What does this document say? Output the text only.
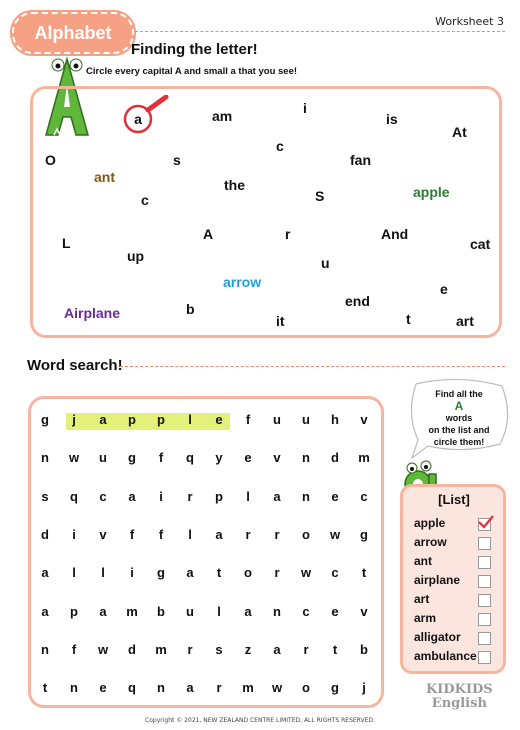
Alphabet
Worksheet 3
Finding the letter!
Circle every capital A and small a that you see!
a
i
am	is
At
c
O	s	fan
ant	the	apple
S
c
A	r	And
L	cat
up	u
arrow	e
end
b
Airplane	it	t	art
Word search!
g	j	a	p	p	l	e	f	u	u	h	v
n	w	u	g	f	q	y	e	v	n	d	m
s	q	c	a	i	r	p	l	a	n	e	c
d	i	v	f	f	l	a	r	r	o	w	g
a	l	l	i	g	a	t	o	r	w	c	t
a	p	a	m	b	u	l	a	n	c	e	v
n	f	w	d	m	r	s	z	a	r	t	b
t	n	e	q	n	a	r	m	w	o	g	j
Find all the
A
words
on the list and
circle them!
[List]
apple
arrow
ant
airplane
art
arm
alligator
ambulance
KIDKIDS
English
Copyright © 2021, NEW ZEALAND CENTRE LIMITED, ALL RIGHTS RESERVED.
